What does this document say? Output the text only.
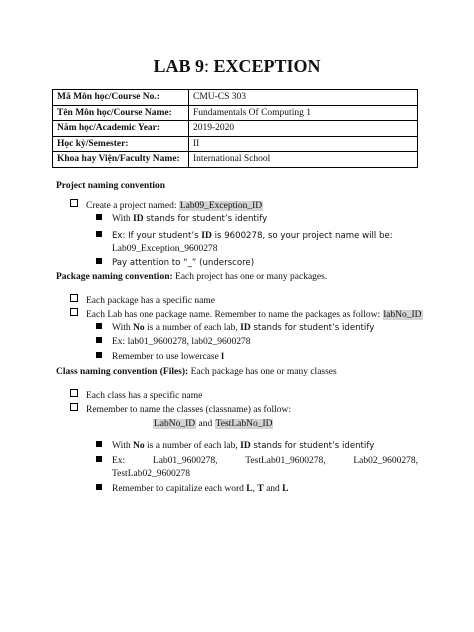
LAB 9: EXCEPTION
Mã Môn học/Course No.:	CMU-CS 303
Tên Môn học/Course Name:	Fundamentals Of Computing 1
Năm học/Academic Year:	2019-2020
Học kỳ/Semester:	II
Khoa hay Viện/Faculty Name:	International School
Project naming convention
Create a project named: Lab09_Exception_ID
With ID stands for student’s identify
Ex: If your student’s ID is 9600278, so your project name will be:
Lab09_Exception_9600278
Pay attention to “_” (underscore)
Package naming convention: Each project has one or many packages.
Each package has a specific name
Each Lab has one package name. Remember to name the packages as follow: labNo_ID
With No is a number of each lab, ID stands for student’s identify
Ex: lab01_9600278, lab02_9600278
Remember to use lowercase l
Class naming convention (Files): Each package has one or many classes
Each class has a specific name
Remember to name the classes (classname) as follow:
LabNo_ID and TestLabNo_ID
With No is a number of each lab, ID stands for student’s identify
Ex:	Lab01_9600278,	TestLab01_9600278,	Lab02_9600278,
TestLab02_9600278
Remember to capitalize each word L, T and L
